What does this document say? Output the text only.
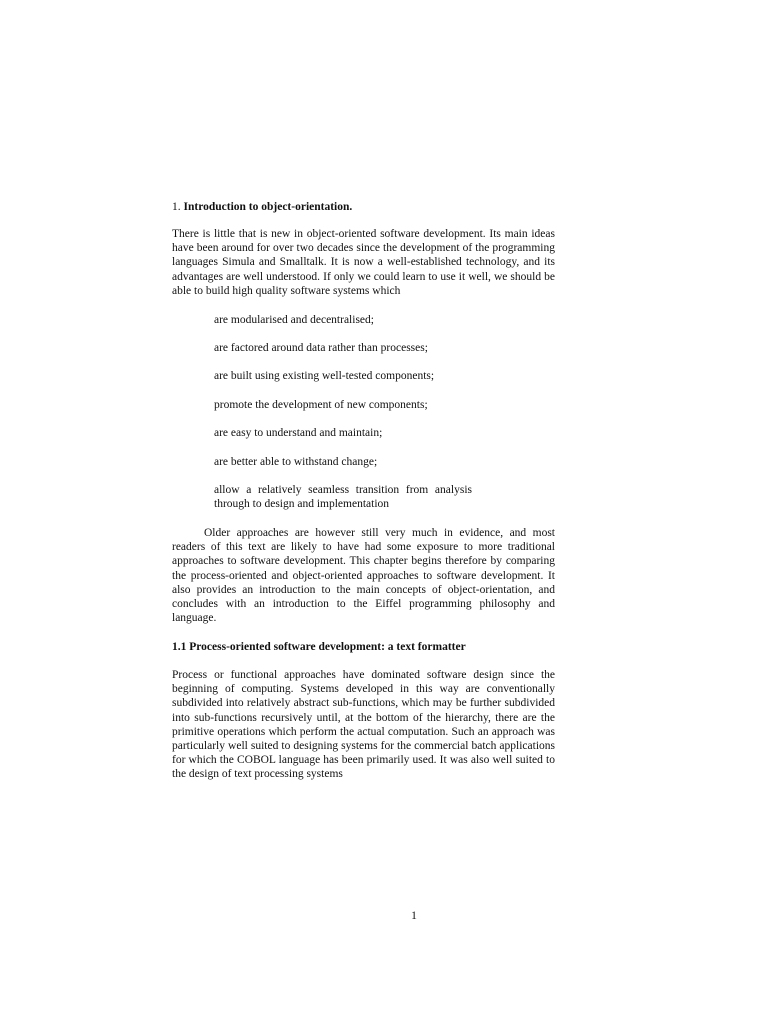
1. Introduction to object-orientation.

There is little that is new in object-oriented software development. Its main ideas have been around for over two decades since the development of the programming languages Simula and Smalltalk. It is now a well-established technology, and its advantages are well understood. If only we could learn to use it well, we should be able to build high quality software systems which

are modularised and decentralised;

are factored around data rather than processes;

are built using existing well-tested components;

promote the development of new components;

are easy to understand and maintain;

are better able to withstand change;

allow a relatively seamless transition from analysis through to design and implementation

Older approaches are however still very much in evidence, and most readers of this text are likely to have had some exposure to more traditional approaches to software development. This chapter begins therefore by comparing the process-oriented and object-oriented approaches to software development. It also provides an introduction to the main concepts of object-orientation, and concludes with an introduction to the Eiffel programming philosophy and language.

1.1 Process-oriented software development: a text formatter

Process or functional approaches have dominated software design since the beginning of computing. Systems developed in this way are conventionally subdivided into relatively abstract sub-functions, which may be further subdivided into sub-functions recursively until, at the bottom of the hierarchy, there are the primitive operations which perform the actual computation. Such an approach was particularly well suited to designing systems for the commercial batch applications for which the COBOL language has been primarily used. It was also well suited to the design of text processing systems

1
